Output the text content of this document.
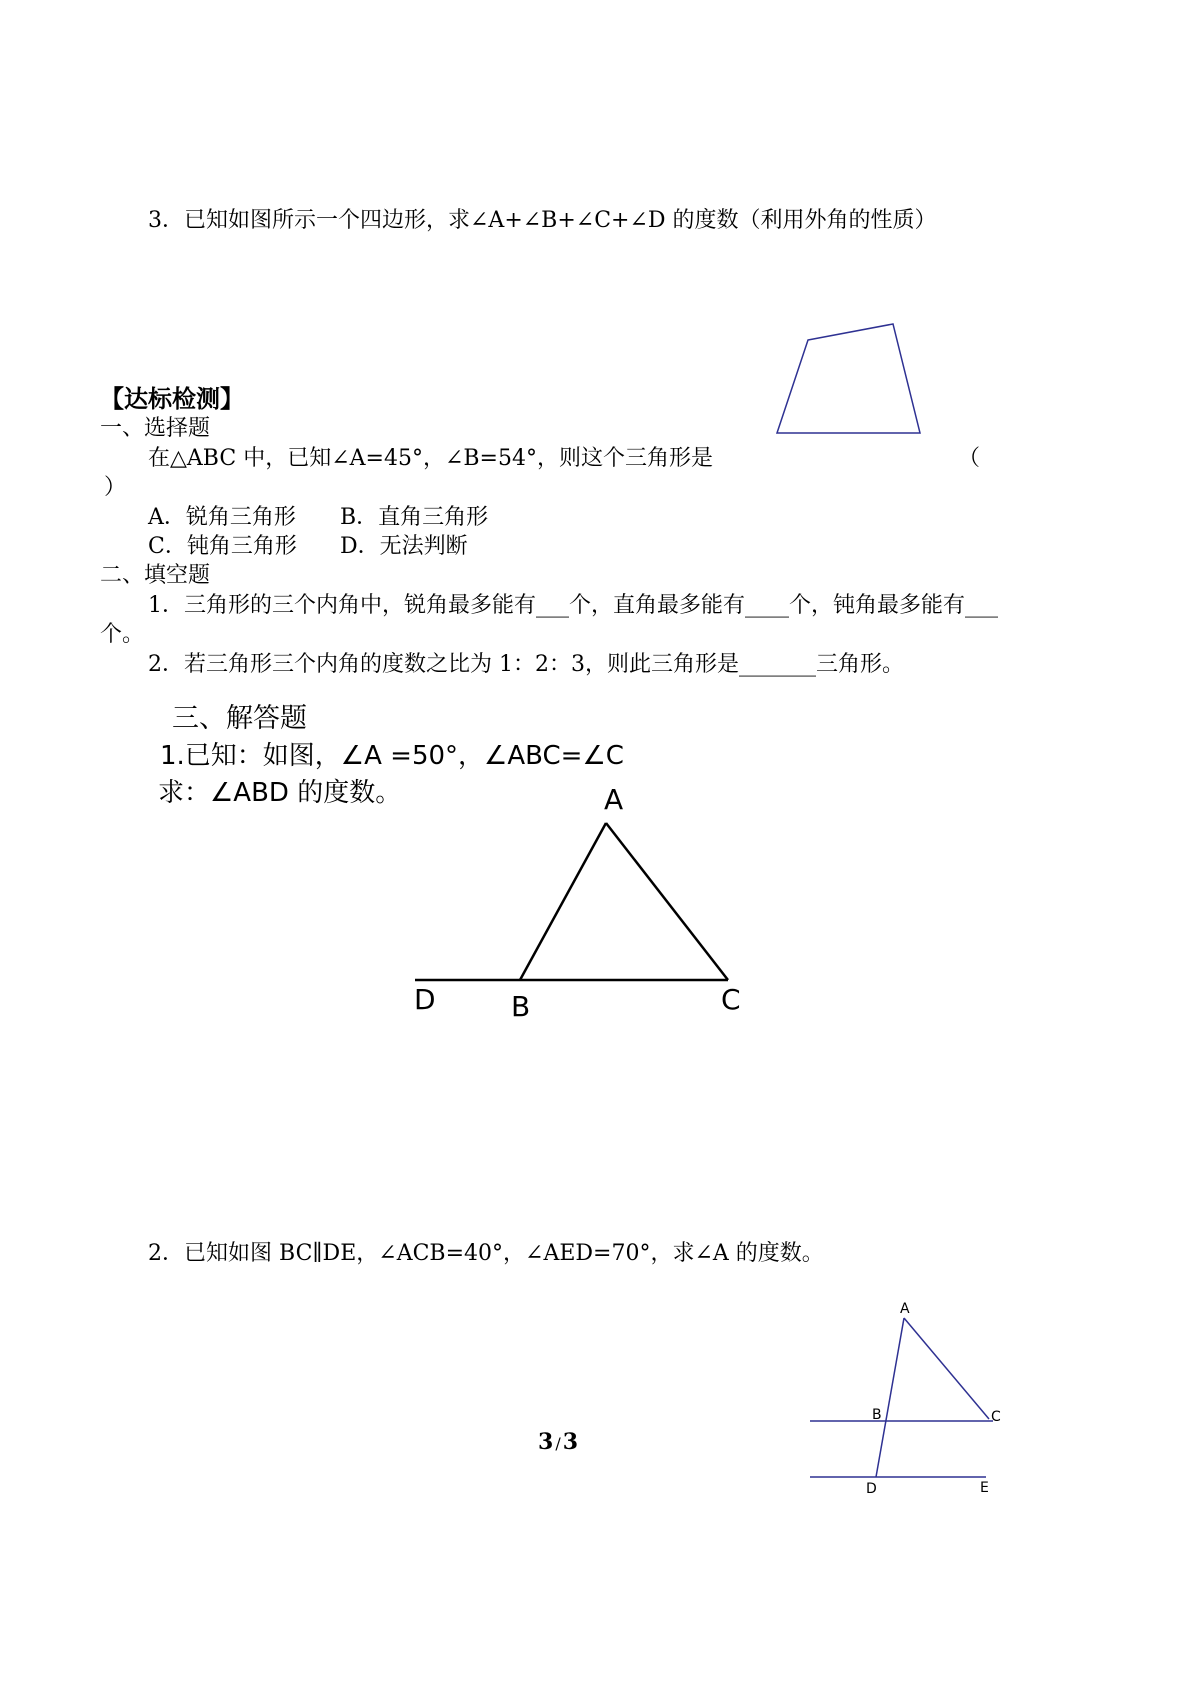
3．已知如图所示一个四边形，求∠A+∠B+∠C+∠D 的度数（利用外角的性质）
【达标检测】
一、选择题
在△ABC 中，已知∠A=45°，∠B=54°，则这个三角形是	（
）
A．锐角三角形 B．直角三角形
C．钝角三角形 D．无法判断
二、填空题
1．三角形的三个内角中，锐角最多能有___个，直角最多能有____个，钝角最多能有___
个。
2．若三角形三个内角的度数之比为 1：2：3，则此三角形是_______三角形。
三、解答题
1.已知：如图，∠A =50°，∠ABC=∠C
求：∠ABD 的度数。	A
D	B	C
2．已知如图 BC∥DE，∠ACB=40°，∠AED=70°，求∠A 的度数。
3 /3
A
B	C
D	E
